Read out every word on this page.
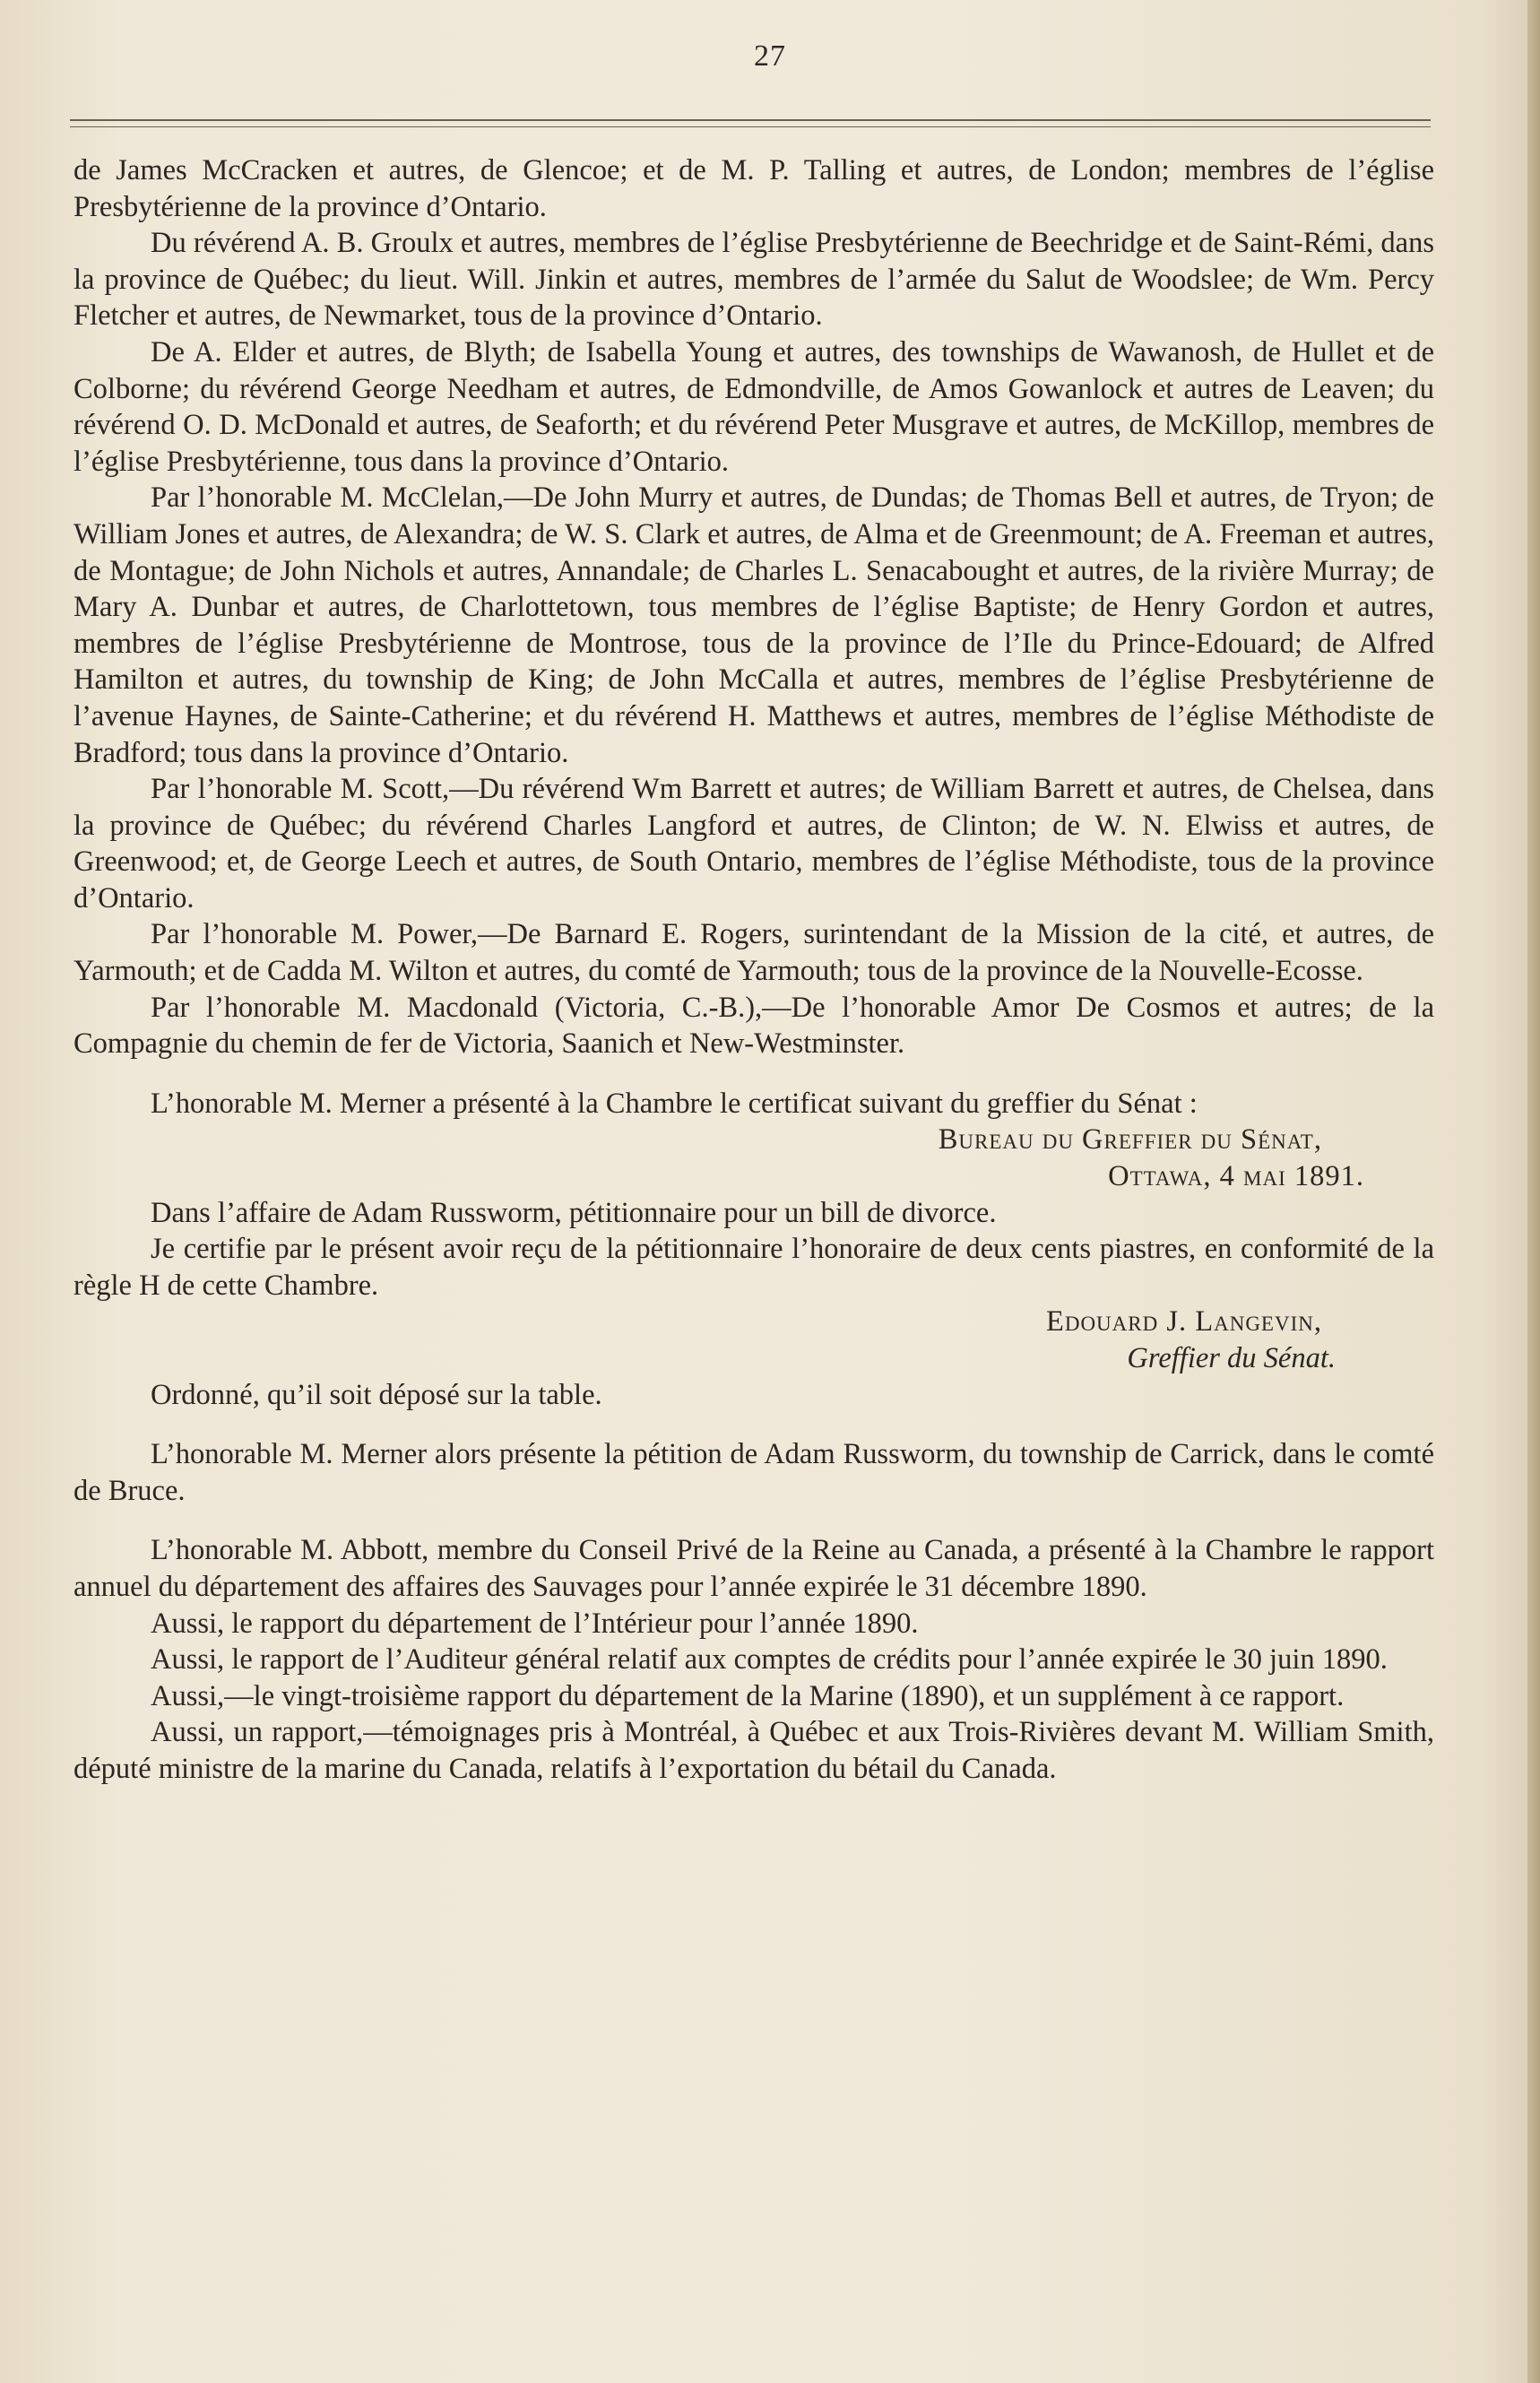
27

de James McCracken et autres, de Glencoe; et de M. P. Talling et autres, de London; membres de l’église Presbytérienne de la province d’Ontario.

Du révérend A. B. Groulx et autres, membres de l’église Presbytérienne de Beechridge et de Saint-Rémi, dans la province de Québec; du lieut. Will. Jinkin et autres, membres de l’armée du Salut de Woodslee; de Wm. Percy Fletcher et autres, de Newmarket, tous de la province d’Ontario.

De A. Elder et autres, de Blyth; de Isabella Young et autres, des townships de Wawanosh, de Hullet et de Colborne; du révérend George Needham et autres, de Edmondville, de Amos Gowanlock et autres de Leaven; du révérend O. D. McDonald et autres, de Seaforth; et du révérend Peter Musgrave et autres, de McKillop, membres de l’église Presbytérienne, tous dans la province d’Ontario.

Par l’honorable M. McClelan,—De John Murry et autres, de Dundas; de Thomas Bell et autres, de Tryon; de William Jones et autres, de Alexandra; de W. S. Clark et autres, de Alma et de Greenmount; de A. Freeman et autres, de Montague; de John Nichols et autres, Annandale; de Charles L. Senacabought et autres, de la rivière Murray; de Mary A. Dunbar et autres, de Charlottetown, tous membres de l’église Baptiste; de Henry Gordon et autres, membres de l’église Presbytérienne de Montrose, tous de la province de l’Ile du Prince-Edouard; de Alfred Hamilton et autres, du township de King; de John McCalla et autres, membres de l’église Presbytérienne de l’avenue Haynes, de Sainte-Catherine; et du révérend H. Matthews et autres, membres de l’église Méthodiste de Bradford; tous dans la province d’Ontario.

Par l’honorable M. Scott,—Du révérend Wm Barrett et autres; de William Barrett et autres, de Chelsea, dans la province de Québec; du révérend Charles Langford et autres, de Clinton; de W. N. Elwiss et autres, de Greenwood; et, de George Leech et autres, de South Ontario, membres de l’église Méthodiste, tous de la province d’Ontario.

Par l’honorable M. Power,—De Barnard E. Rogers, surintendant de la Mission de la cité, et autres, de Yarmouth; et de Cadda M. Wilton et autres, du comté de Yarmouth; tous de la province de la Nouvelle-Ecosse.

Par l’honorable M. Macdonald (Victoria, C.-B.),—De l’honorable Amor De Cosmos et autres; de la Compagnie du chemin de fer de Victoria, Saanich et New-Westminster.

L’honorable M. Merner a présenté à la Chambre le certificat suivant du greffier du Sénat :

Bureau du Greffier du Sénat,

Ottawa, 4 mai 1891.

Dans l’affaire de Adam Russworm, pétitionnaire pour un bill de divorce.

Je certifie par le présent avoir reçu de la pétitionnaire l’honoraire de deux cents piastres, en conformité de la règle H de cette Chambre.

Edouard J. Langevin,

Greffier du Sénat.

Ordonné, qu’il soit déposé sur la table.

L’honorable M. Merner alors présente la pétition de Adam Russworm, du township de Carrick, dans le comté de Bruce.

L’honorable M. Abbott, membre du Conseil Privé de la Reine au Canada, a présenté à la Chambre le rapport annuel du département des affaires des Sauvages pour l’année expirée le 31 décembre 1890.

Aussi, le rapport du département de l’Intérieur pour l’année 1890.

Aussi, le rapport de l’Auditeur général relatif aux comptes de crédits pour l’année expirée le 30 juin 1890.

Aussi,—le vingt-troisième rapport du département de la Marine (1890), et un supplément à ce rapport.

Aussi, un rapport,—témoignages pris à Montréal, à Québec et aux Trois-Rivières devant M. William Smith, député ministre de la marine du Canada, relatifs à l’exportation du bétail du Canada.
